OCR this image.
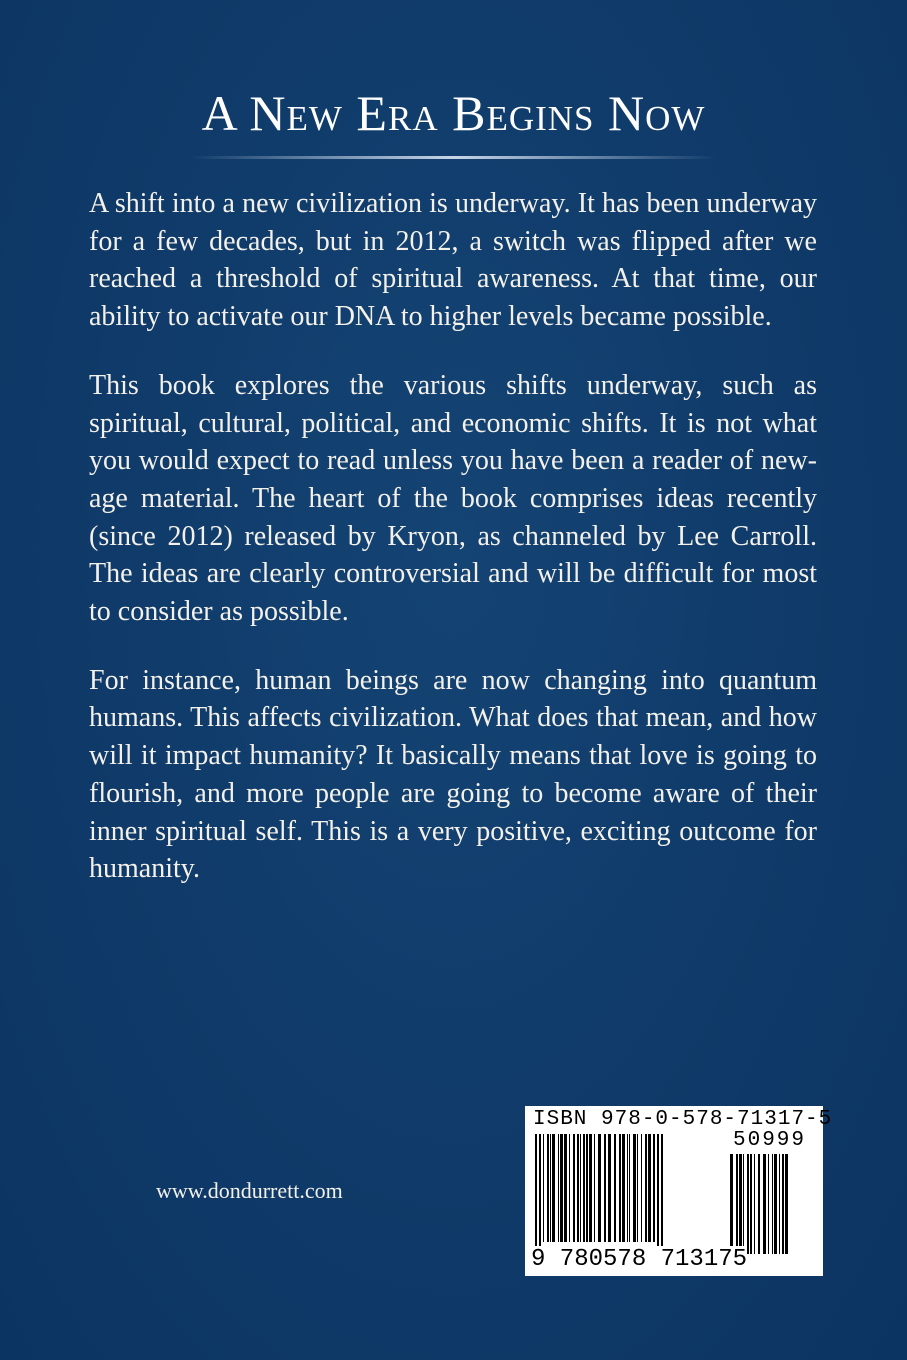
A New Era Begins Now

A shift into a new civilization is underway. It has been underway for a few decades, but in 2012, a switch was flipped after we reached a threshold of spiritual awareness. At that time, our ability to activate our DNA to higher levels became possible.

This book explores the various shifts underway, such as spiritual, cultural, political, and economic shifts. It is not what you would expect to read unless you have been a reader of new-age material. The heart of the book comprises ideas recently (since 2012) released by Kryon, as channeled by Lee Carroll. The ideas are clearly controversial and will be difficult for most to consider as possible.

For instance, human beings are now changing into quantum humans. This affects civilization. What does that mean, and how will it impact humanity? It basically means that love is going to flourish, and more people are going to become aware of their inner spiritual self. This is a very positive, exciting outcome for humanity.

www.dondurrett.com
ISBN 978-0-578-71317-5
50999
9 780578 713175
